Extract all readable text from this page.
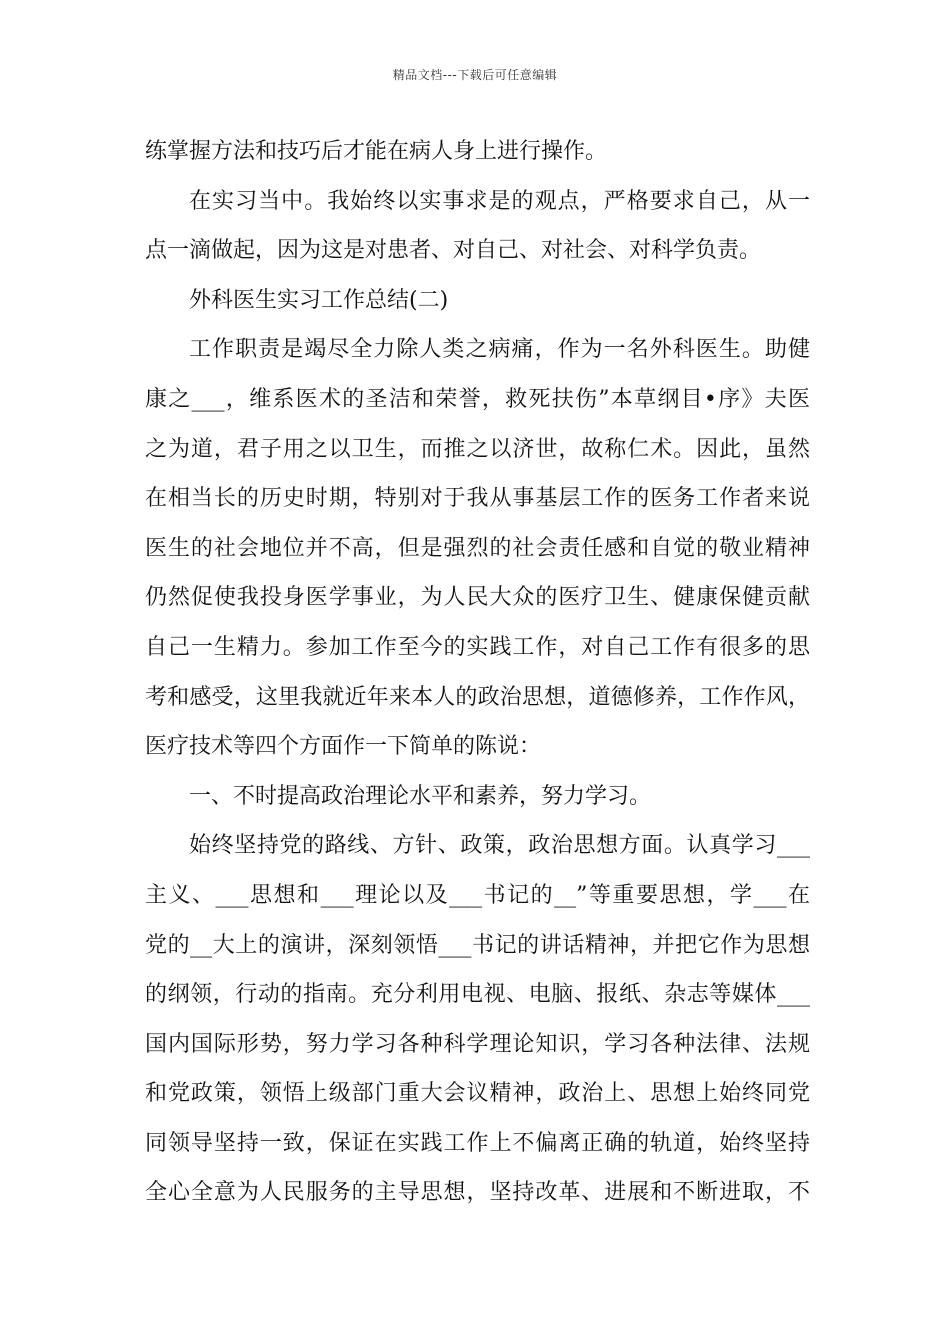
精品文档---下载后可任意编辑
练掌握方法和技巧后才能在病人身上进行操作。
在实习当中。我始终以实事求是的观点，严格要求自己，从一
点一滴做起，因为这是对患者、对自己、对社会、对科学负责。
外科医生实习工作总结(二)
工作职责是竭尽全力除人类之病痛，作为一名外科医生。助健
康之___，维系医术的圣洁和荣誉，救死扶伤”本草纲目•序》夫医
之为道，君子用之以卫生，而推之以济世，故称仁术。因此，虽然
在相当长的历史时期，特别对于我从事基层工作的医务工作者来说
医生的社会地位并不高，但是强烈的社会责任感和自觉的敬业精神
仍然促使我投身医学事业，为人民大众的医疗卫生、健康保健贡献
自己一生精力。参加工作至今的实践工作，对自己工作有很多的思
考和感受，这里我就近年来本人的政治思想，道德修养，工作作风，
医疗技术等四个方面作一下简单的陈说：
一、不时提高政治理论水平和素养，努力学习。
始终坚持党的路线、方针、政策，政治思想方面。认真学习___
主义、___思想和___理论以及___书记的__”等重要思想，学___在
党的__大上的演讲，深刻领悟___书记的讲话精神，并把它作为思想
的纲领，行动的指南。充分利用电视、电脑、报纸、杂志等媒体___
国内国际形势，努力学习各种科学理论知识，学习各种法律、法规
和党政策，领悟上级部门重大会议精神，政治上、思想上始终同党
同领导坚持一致，保证在实践工作上不偏离正确的轨道，始终坚持
全心全意为人民服务的主导思想，坚持改革、进展和不断进取，不
